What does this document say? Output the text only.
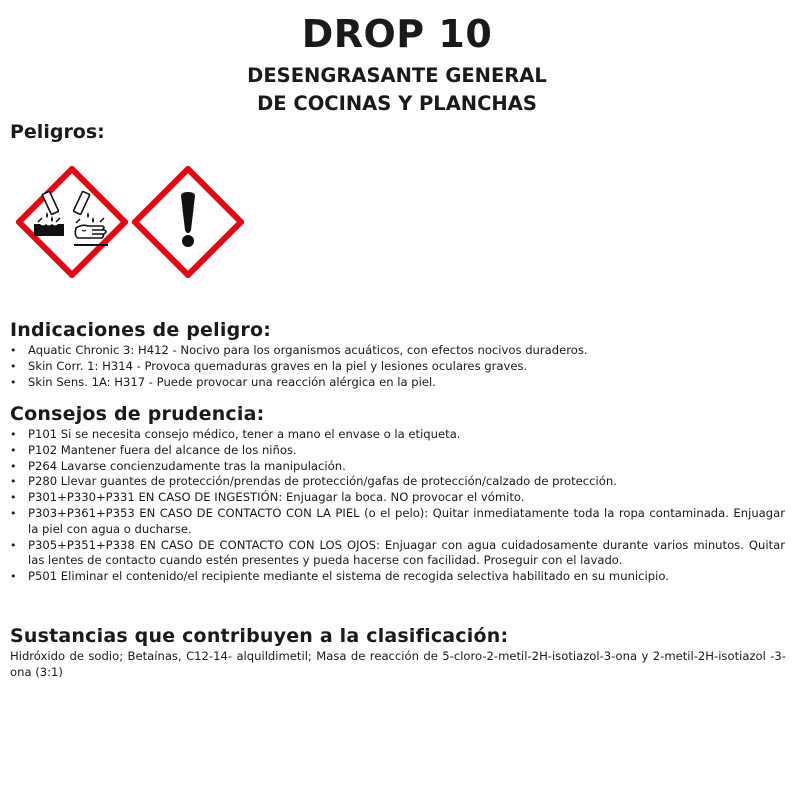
DROP 10
DESENGRASANTE GENERAL
DE COCINAS Y PLANCHAS
Peligros:
Indicaciones de peligro:
• Aquatic Chronic 3: H412 - Nocivo para los organismos acuáticos, con efectos nocivos duraderos.
• Skin Corr. 1: H314 - Provoca quemaduras graves en la piel y lesiones oculares graves.
• Skin Sens. 1A: H317 - Puede provocar una reacción alérgica en la piel.
Consejos de prudencia:
• P101 Si se necesita consejo médico, tener a mano el envase o la etiqueta.
• P102 Mantener fuera del alcance de los niños.
• P264 Lavarse concienzudamente tras la manipulación.
• P280 Llevar guantes de protección/prendas de protección/gafas de protección/calzado de protección.
• P301+P330+P331 EN CASO DE INGESTIÓN: Enjuagar la boca. NO provocar el vómito.
• P303+P361+P353 EN CASO DE CONTACTO CON LA PIEL (o el pelo): Quitar inmediatamente toda la ropa contaminada. Enjuagar la piel con agua o ducharse.
• P305+P351+P338 EN CASO DE CONTACTO CON LOS OJOS: Enjuagar con agua cuidadosamente durante varios minutos. Quitar las lentes de contacto cuando estén presentes y pueda hacerse con facilidad. Proseguir con el lavado.
• P501 Eliminar el contenido/el recipiente mediante el sistema de recogida selectiva habilitado en su municipio.
Sustancias que contribuyen a la clasificación:
Hidróxido de sodio; Betaínas, C12-14- alquildimetil; Masa de reacción de 5-cloro-2-metil-2H-isotiazol-3-ona y 2-metil-2H-isotiazol -3-ona (3:1)
